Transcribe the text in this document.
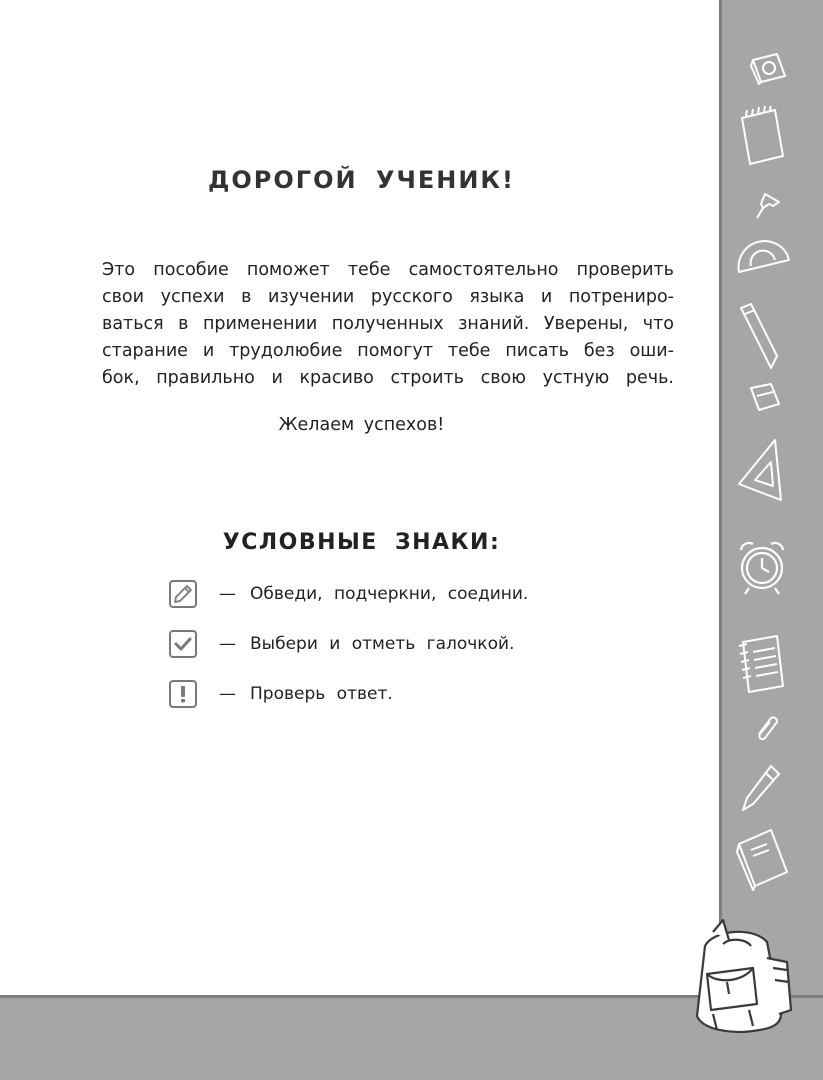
ДОРОГОЙ УЧЕНИК!
Это пособие поможет тебе самостоятельно проверить
свои успехи в изучении русского языка и потрениро-
ваться в применении полученных знаний. Уверены, что
старание и трудолюбие помогут тебе писать без оши-
бок, правильно и красиво строить свою устную речь.
Желаем успехов!
УСЛОВНЫЕ ЗНАКИ:
— Обведи, подчеркни, соедини.
— Выбери и отметь галочкой.
— Проверь ответ.
